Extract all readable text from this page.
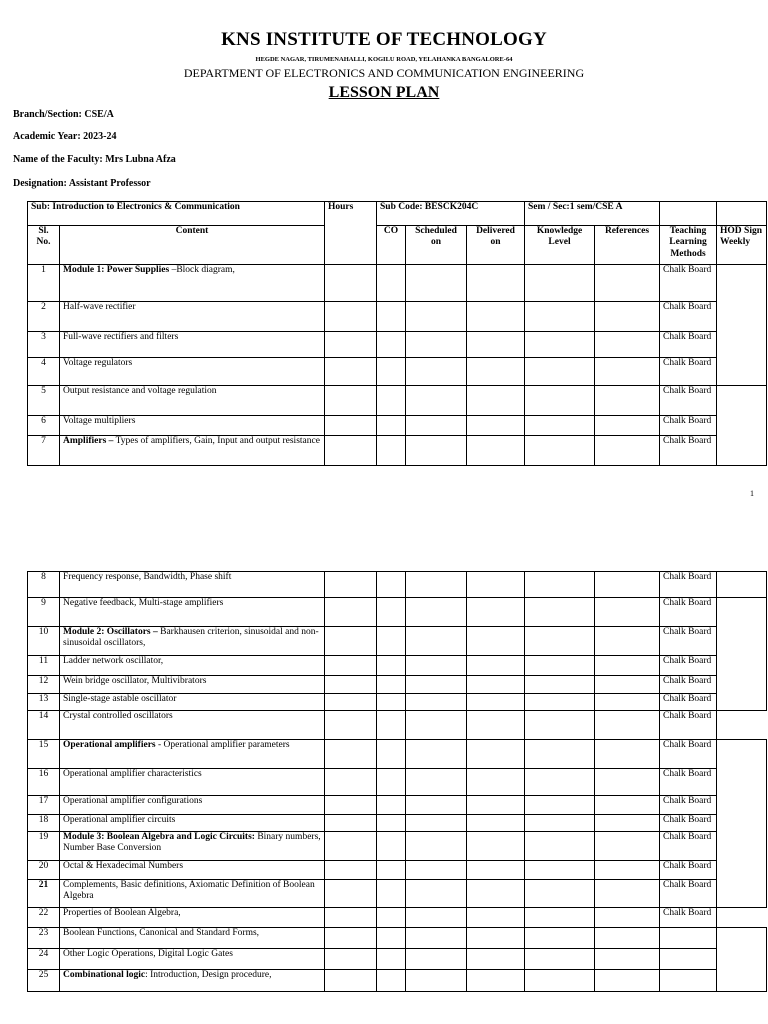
KNS INSTITUTE OF TECHNOLOGY
HEGDE NAGAR, TIRUMENAHALLI, KOGILU ROAD, YELAHANKA BANGALORE-64
DEPARTMENT OF ELECTRONICS AND COMMUNICATION ENGINEERING
LESSON PLAN
Branch/Section: CSE/A
Academic Year: 2023-24
Name of the Faculty: Mrs Lubna Afza
Designation: Assistant Professor
Sub: Introduction to Electronics & Communication		Hours	Sub Code: BESCK204C			Sem / Sec:1 sem/CSE A			
Sl. No.	Content		CO	Scheduled on	Delivered on	Knowledge Level	References	Teaching Learning Methods	HOD Sign Weekly
1	Module 1: Power Supplies –Block diagram,							Chalk Board	
2	Half-wave rectifier							Chalk Board	
3	Full-wave rectifiers and filters							Chalk Board	
4	Voltage regulators							Chalk Board	
5	Output resistance and voltage regulation							Chalk Board	
6	Voltage multipliers							Chalk Board	
7	Amplifiers – Types of amplifiers, Gain, Input and output resistance							Chalk Board	
1
8	Frequency response, Bandwidth, Phase shift							Chalk Board	
9	Negative feedback, Multi-stage amplifiers							Chalk Board	
10	Module 2: Oscillators – Barkhausen criterion, sinusoidal and non-sinusoidal oscillators,							Chalk Board	
11	Ladder network oscillator,							Chalk Board	
12	Wein bridge oscillator, Multivibrators							Chalk Board	
13	Single-stage astable oscillator							Chalk Board	
14	Crystal controlled oscillators							Chalk Board	
15	Operational amplifiers - Operational amplifier parameters							Chalk Board	
16	Operational amplifier characteristics							Chalk Board	
17	Operational amplifier configurations							Chalk Board	
18	Operational amplifier circuits							Chalk Board	
19	Module 3: Boolean Algebra and Logic Circuits: Binary numbers, Number Base Conversion							Chalk Board	
20	Octal & Hexadecimal Numbers							Chalk Board	
21	Complements, Basic definitions, Axiomatic Definition of Boolean Algebra							Chalk Board	
22	Properties of Boolean Algebra,							Chalk Board	
23	Boolean Functions, Canonical and Standard Forms,								
24	Other Logic Operations, Digital Logic Gates								
25	Combinational logic: Introduction, Design procedure,								
